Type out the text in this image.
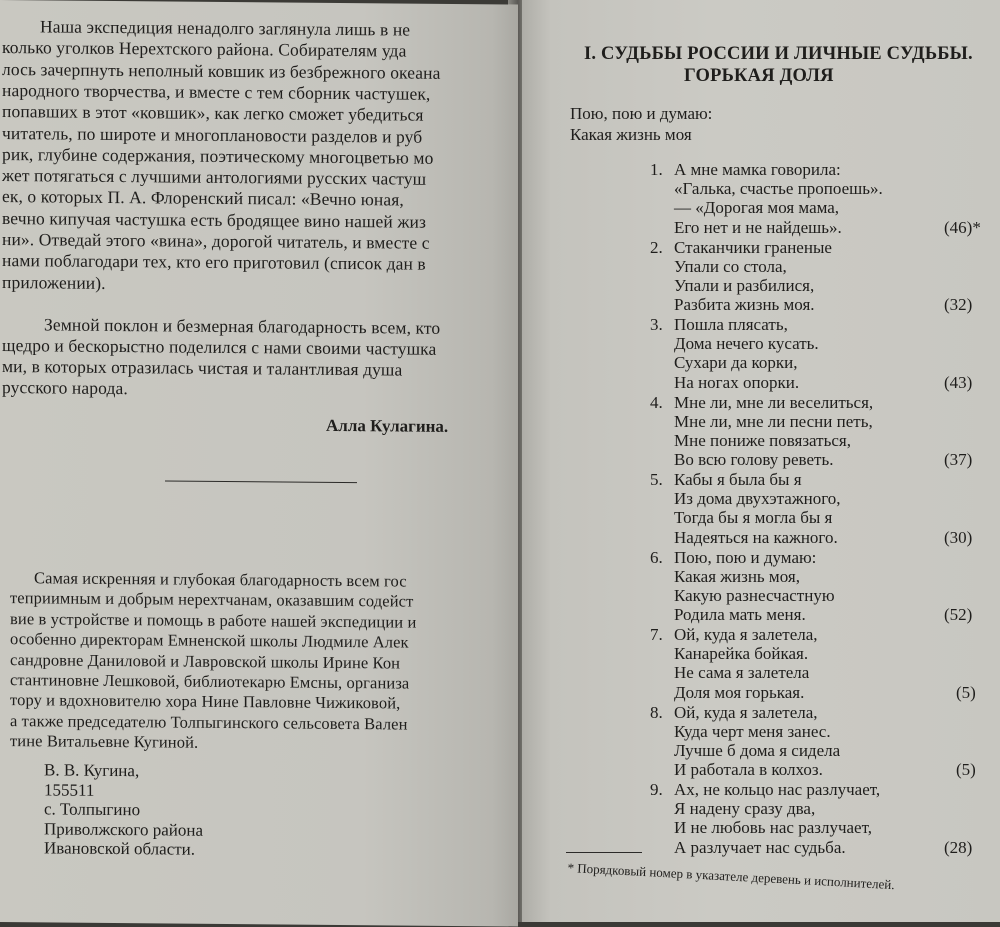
Наша экспедиция ненадолго заглянула лишь в не
колько уголков Нерехтского района. Собирателям уда
лось зачерпнуть неполный ковшик из безбрежного океана
народного творчества, и вместе с тем сборник частушек,
попавших в этот «ковшик», как легко сможет убедиться
читатель, по широте и многоплановости разделов и руб
рик, глубине содержания, поэтическому многоцветью мо
жет потягаться с лучшими антологиями русских частуш
ек, о которых П. А. Флоренский писал: «Вечно юная,
вечно кипучая частушка есть бродящее вино нашей жиз
ни». Отведай этого «вина», дорогой читатель, и вместе с
нами поблагодари тех, кто его приготовил (список дан в
приложении).
Земной поклон и безмерная благодарность всем, кто
щедро и бескорыстно поделился с нами своими частушка
ми, в которых отразилась чистая и талантливая душа
русского народа.
Алла Кулагина.
Самая искренняя и глубокая благодарность всем гос
теприимным и добрым нерехтчанам, оказавшим содейст
вие в устройстве и помощь в работе нашей экспедиции и
особенно директорам Емненской школы Людмиле Алек
сандровне Даниловой и Лавровской школы Ирине Кон
стантиновне Лешковой, библиотекарю Емсны, организа
тору и вдохновителю хора Нине Павловне Чижиковой,
а также председателю Толпыгинского сельсовета Вален
тине Витальевне Кугиной.
В. В. Кугина,
155511
с. Толпыгино
Приволжского района
Ивановской области.
I. СУДЬБЫ РОССИИ И ЛИЧНЫЕ СУДЬБЫ.
ГОРЬКАЯ ДОЛЯ
Пою, пою и думаю:
Какая жизнь моя
1. А мне мамка говорила:
«Галька, счастье пропоешь».
— «Дорогая моя мама,
Его нет и не найдешь».	(46)*
2. Стаканчики граненые
Упали со стола,
Упали и разбилися,
Разбита жизнь моя.	(32)
3. Пошла плясать,
Дома нечего кусать.
Сухари да корки,
На ногах опорки.	(43)
4. Мне ли, мне ли веселиться,
Мне ли, мне ли песни петь,
Мне пониже повязаться,
Во всю голову реветь.	(37)
5. Кабы я была бы я
Из дома двухэтажного,
Тогда бы я могла бы я
Надеяться на кажного.	(30)
6. Пою, пою и думаю:
Какая жизнь моя,
Какую разнесчастную
Родила мать меня.	(52)
7. Ой, куда я залетела,
Канарейка бойкая.
Не сама я залетела
Доля моя горькая.	(5)
8. Ой, куда я залетела,
Куда черт меня занес.
Лучше б дома я сидела
И работала в колхоз.	(5)
9. Ах, не кольцо нас разлучает,
Я надену сразу два,
И не любовь нас разлучает,
А разлучает нас судьба.	(28)
* Порядковый номер в указателе деревень и исполнителей.
